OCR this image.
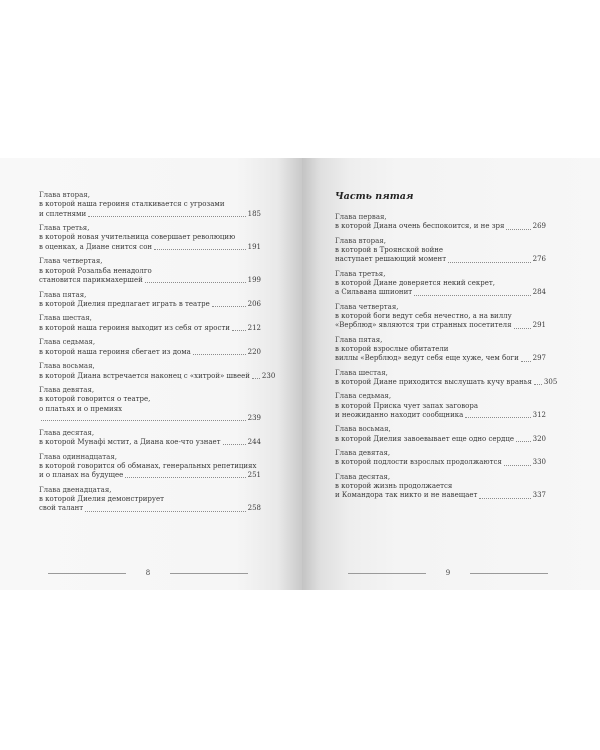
Глава вторая,
в которой наша героиня сталкивается с угрозами
и сплетнями	185
Глава третья,
в которой новая учительница совершает революцию
в оценках, а Диане снится сон	191
Глава четвертая,
в которой Розальба ненадолго
становится парикмахершей	199
Глава пятая,
в которой Диелия предлагает играть в театре	206
Глава шестая,
в которой наша героиня выходит из себя от ярости	212
Глава седьмая,
в которой наша героиня сбегает из дома	220
Глава восьмая,
в которой Диана встречается наконец с «хитрой» швеей 230
Глава девятая,
в которой говорится о театре,
о платьях и о премиях
239
Глава десятая,
в которой Мунафі мстит, а Диана кое-что узнает	244
Глава одиннадцатая,
в которой говорится об обманах, генеральных репетициях
и о планах на будущее	251
Глава двенадцатая,
в которой Диелия демонстрирует
свой талант	258
8
Часть пятая
Глава первая,
в которой Диана очень беспокоится, и не зря	269
Глава вторая,
в которой в Троянской войне
наступает решающий момент	276
Глава третья,
в которой Диане доверяется некий секрет,
а Сильвана шпионит	284
Глава четвертая,
в которой боги ведут себя нечестно, а на виллу
«Верблюд» являются три странных посетителя	291
Глава пятая,
в которой взрослые обитатели
виллы «Верблюд» ведут себя еще хуже, чем боги 297
Глава шестая,
в которой Диане приходится выслушать кучу вранья 305
Глава седьмая,
в которой Приска чует запах заговора
и неожиданно находит сообщника	312
Глава восьмая,
в которой Диелия завоевывает еще одно сердце	320
Глава девятая,
в которой подлости взрослых продолжаются	330
Глава десятая,
в которой жизнь продолжается
и Командора так никто и не навещает	337
9
